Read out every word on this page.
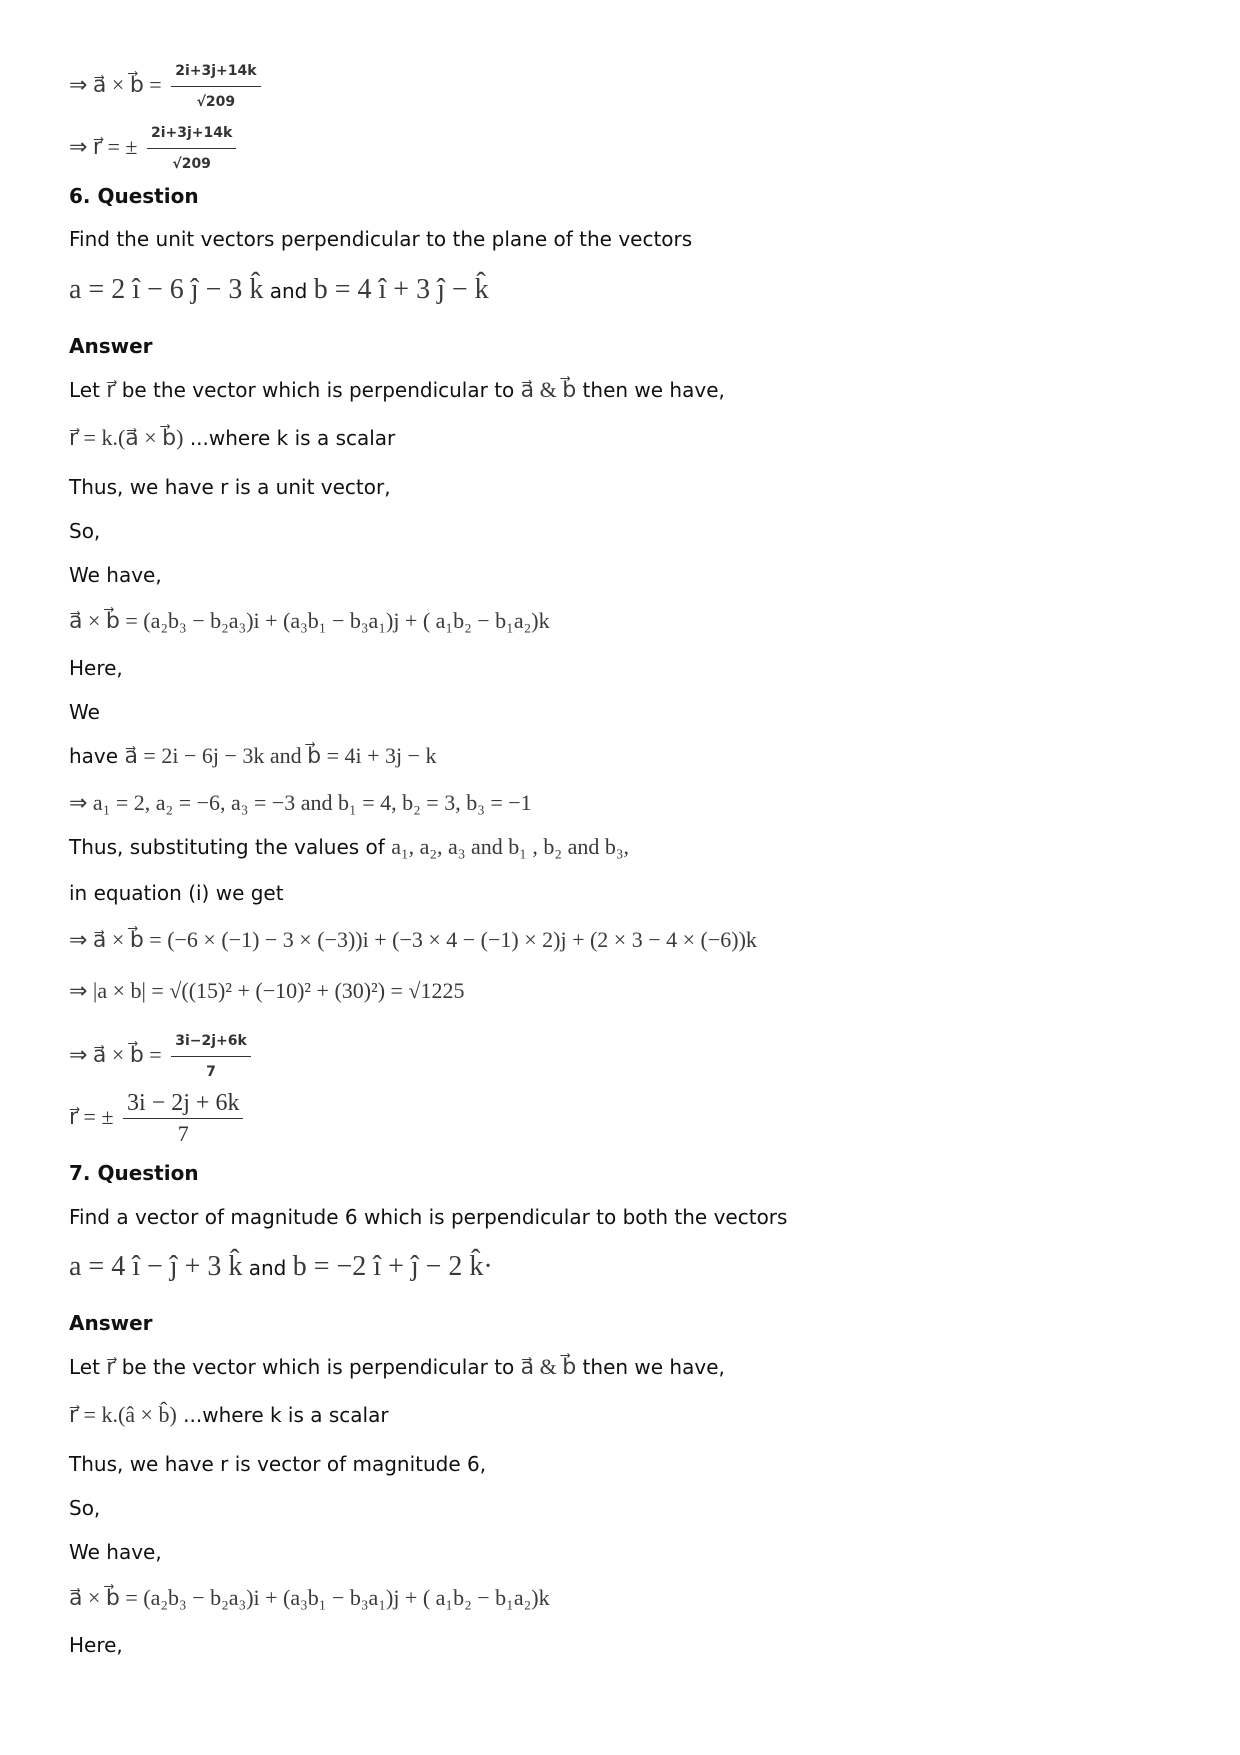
⇒ a⃗ × b⃗ = $\frac{2i+3j+14k}{√209}$
⇒ r⃗ = ± $\frac{2i+3j+14k}{√209}$
6. Question
Find the unit vectors perpendicular to the plane of the vectors
a = 2 î − 6 ĵ − 3 k̂ and b = 4 î + 3 ĵ − k̂
Answer
Let r⃗ be the vector which is perpendicular to a⃗ & b⃗ then we have,
r⃗ = k.(a⃗ × b⃗) ...where k is a scalar
Thus, we have r is a unit vector,
So,
We have,
a⃗ × b⃗ = (a₂b₃ − b₂a₃)i + (a₃b₁ − b₃a₁)j + ( a₁b₂ − b₁a₂)k
Here,
We
have a⃗ = 2i − 6j − 3k and b⃗ = 4i + 3j − k
⇒ a₁ = 2, a₂ = −6, a₃ = −3 and b₁ = 4, b₂ = 3, b₃ = −1
Thus, substituting the values of a₁, a₂, a₃ and b₁ , b₂ and b₃,
in equation (i) we get
⇒ a⃗ × b⃗ = (−6 × (−1) − 3 × (−3))i + (−3 × 4 − (−1) × 2)j + (2 × 3 − 4 × (−6))k
⇒ |a × b| = √((15)² + (−10)² + (30)²) = √1225
⇒ a⃗ × b⃗ = $\frac{3i-2j+6k}{7}$
r⃗ = ± $\frac{3i - 2j + 6k}{7}$
7. Question
Find a vector of magnitude 6 which is perpendicular to both the vectors
a = 4 î − ĵ + 3 k̂ and b = −2 î + ĵ − 2 k̂·
Answer
Let r⃗ be the vector which is perpendicular to a⃗ & b⃗ then we have,
r⃗ = k.(â × b̂) ...where k is a scalar
Thus, we have r is vector of magnitude 6,
So,
We have,
a⃗ × b⃗ = (a₂b₃ − b₂a₃)i + (a₃b₁ − b₃a₁)j + ( a₁b₂ − b₁a₂)k
Here,
